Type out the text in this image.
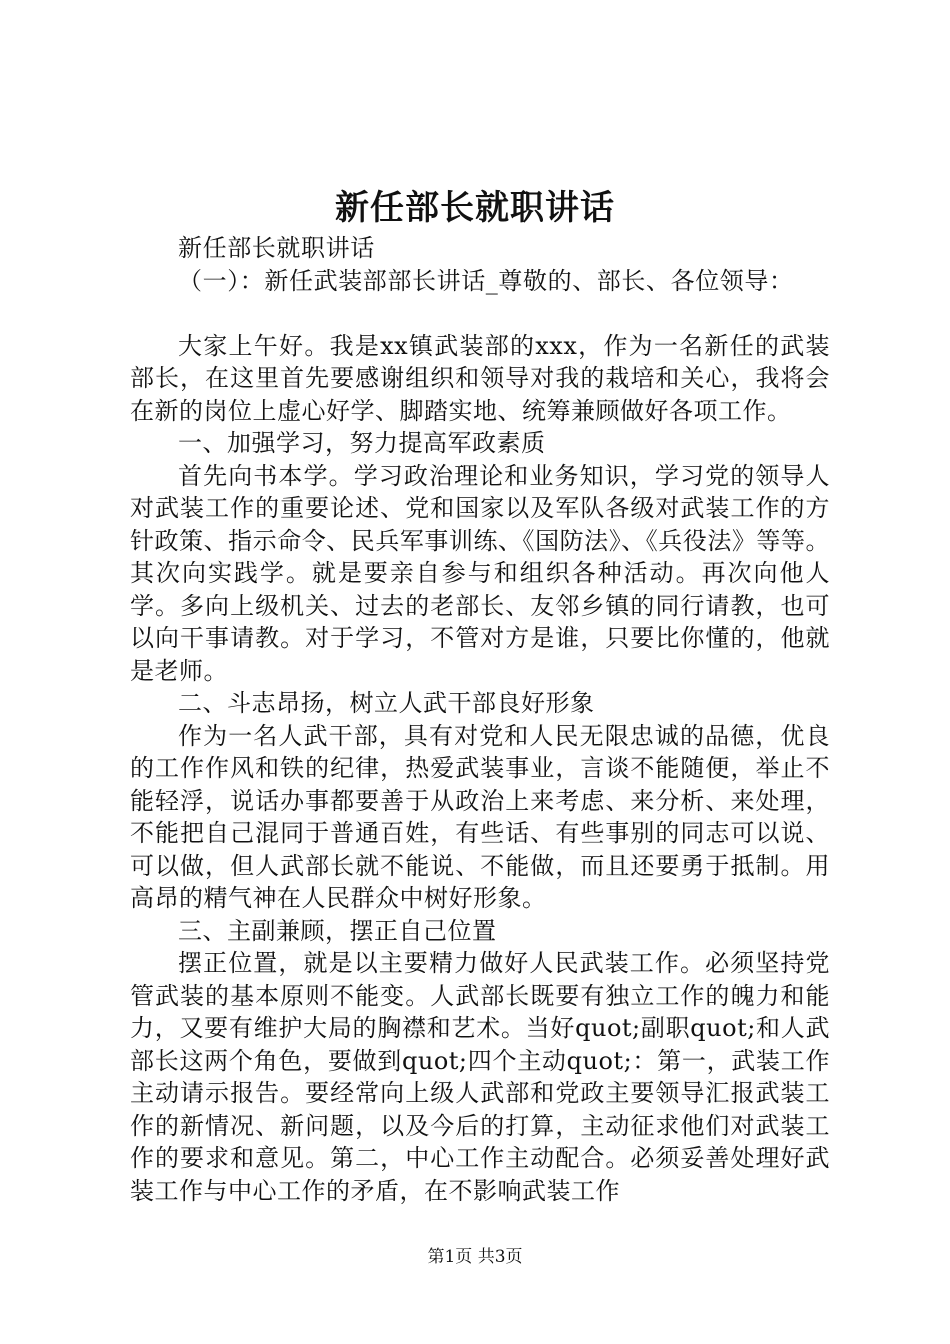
新任部长就职讲话

新任部长就职讲话

（一）：新任武装部部长讲话_尊敬的、部长、各位领导：

大家上午好。我是xx镇武装部的xxx，作为一名新任的武装部长，在这里首先要感谢组织和领导对我的栽培和关心，我将会在新的岗位上虚心好学、脚踏实地、统筹兼顾做好各项工作。

一、加强学习，努力提高军政素质

首先向书本学。学习政治理论和业务知识，学习党的领导人对武装工作的重要论述、党和国家以及军队各级对武装工作的方针政策、指示命令、民兵军事训练、《国防法》、《兵役法》等等。其次向实践学。就是要亲自参与和组织各种活动。再次向他人学。多向上级机关、过去的老部长、友邻乡镇的同行请教，也可以向干事请教。对于学习，不管对方是谁，只要比你懂的，他就是老师。

二、斗志昂扬，树立人武干部良好形象

作为一名人武干部，具有对党和人民无限忠诚的品德，优良的工作作风和铁的纪律，热爱武装事业，言谈不能随便，举止不能轻浮，说话办事都要善于从政治上来考虑、来分析、来处理，不能把自己混同于普通百姓，有些话、有些事别的同志可以说、可以做，但人武部长就不能说、不能做，而且还要勇于抵制。用高昂的精气神在人民群众中树好形象。

三、主副兼顾，摆正自己位置

摆正位置，就是以主要精力做好人民武装工作。必须坚持党管武装的基本原则不能变。人武部长既要有独立工作的魄力和能力，又要有维护大局的胸襟和艺术。当好quot;副职quot;和人武部长这两个角色，要做到quot;四个主动quot;：第一，武装工作主动请示报告。要经常向上级人武部和党政主要领导汇报武装工作的新情况、新问题，以及今后的打算，主动征求他们对武装工作的要求和意见。第二，中心工作主动配合。必须妥善处理好武装工作与中心工作的矛盾，在不影响武装工作

第1页 共3页
